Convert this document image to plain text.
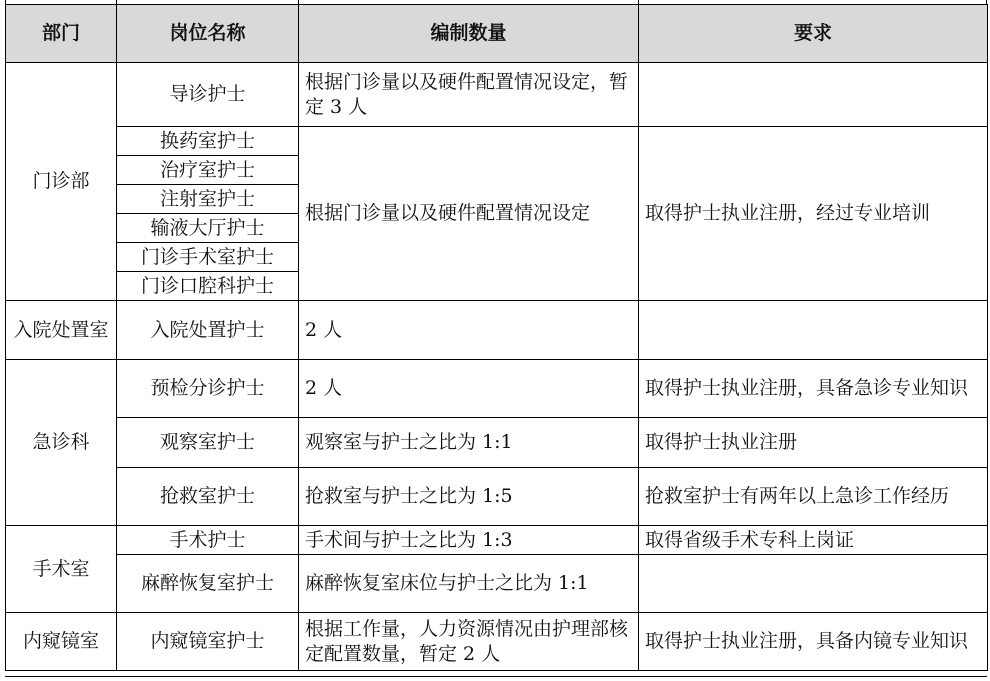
部门	岗位名称	编制数量	要求
门诊部	导诊护士	根据门诊量以及硬件配置情况设定，暂定 3 人	
	换药室护士	根据门诊量以及硬件配置情况设定	取得护士执业注册，经过专业培训
	治疗室护士		
	注射室护士		
	输液大厅护士		
	门诊手术室护士		
	门诊口腔科护士		
入院处置室	入院处置护士	2 人	
急诊科	预检分诊护士	2 人	取得护士执业注册，具备急诊专业知识
	观察室护士	观察室与护士之比为 1:1	取得护士执业注册
	抢救室护士	抢救室与护士之比为 1:5	抢救室护士有两年以上急诊工作经历
手术室	手术护士	手术间与护士之比为 1:3	取得省级手术专科上岗证
	麻醉恢复室护士	麻醉恢复室床位与护士之比为 1:1	
内窥镜室	内窥镜室护士	根据工作量，人力资源情况由护理部核定配置数量，暂定 2 人	取得护士执业注册，具备内镜专业知识
